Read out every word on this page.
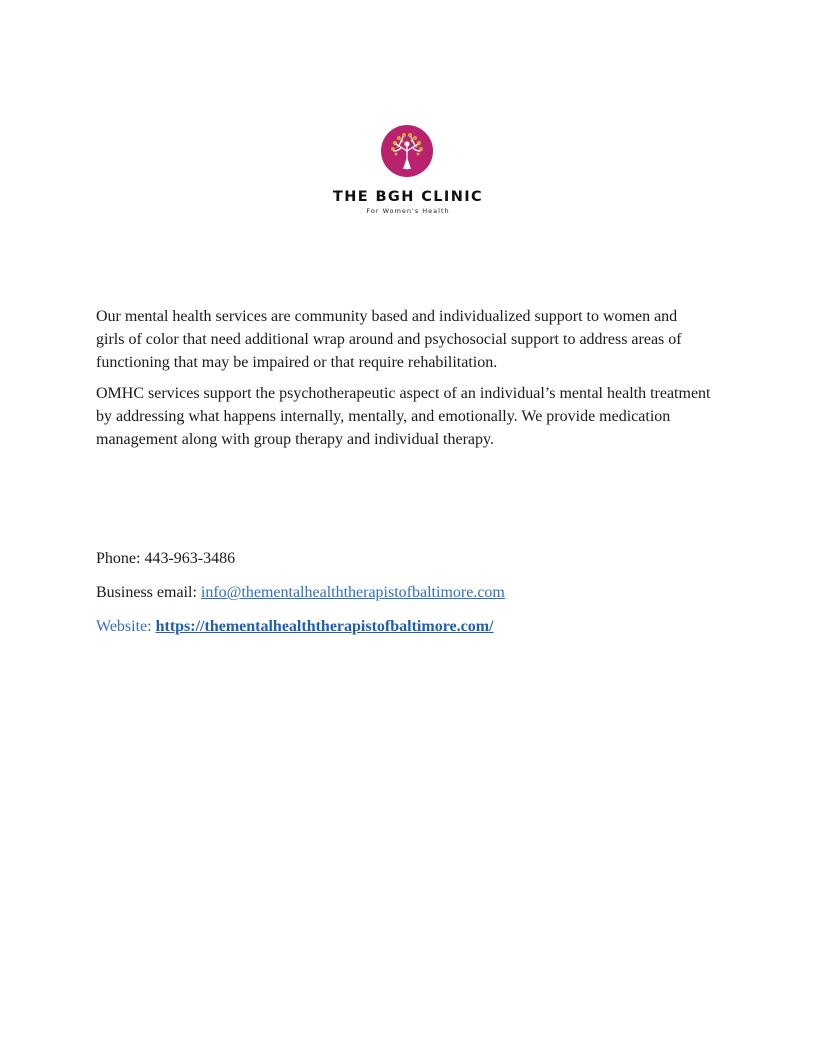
THE BGH CLINIC
For Women's Health

Our mental health services are community based and individualized support to women and girls of color that need additional wrap around and psychosocial support to address areas of functioning that may be impaired or that require rehabilitation.

OMHC services support the psychotherapeutic aspect of an individual’s mental health treatment by addressing what happens internally, mentally, and emotionally. We provide medication management along with group therapy and individual therapy.

Phone: 443-963-3486
Business email: info@thementalhealththerapistofbaltimore.com
Website: https://thementalhealththerapistofbaltimore.com/
